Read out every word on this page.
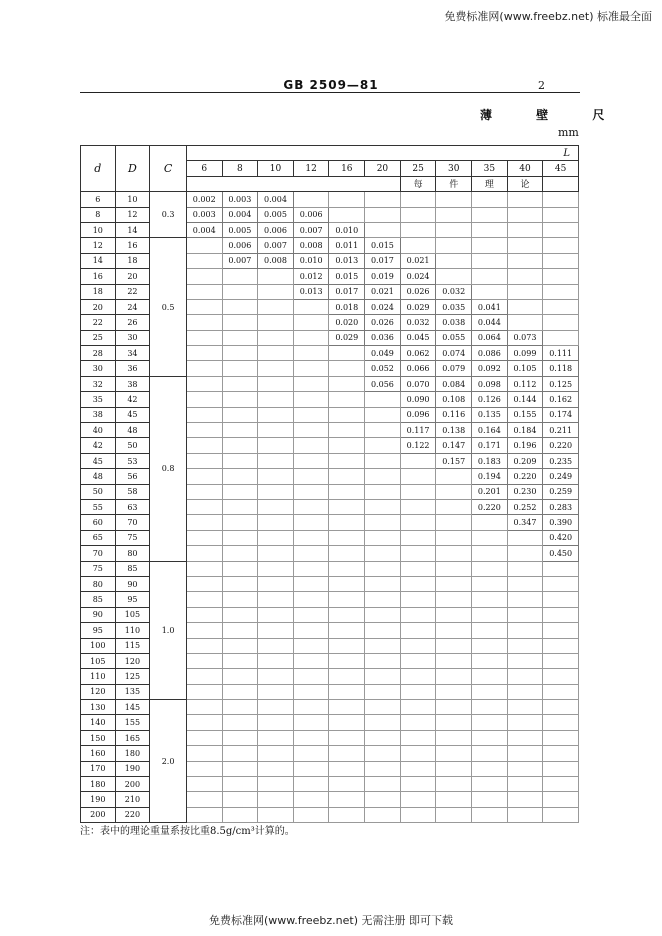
免费标准网(www.freebz.net) 标准最全面
GB 2509—81	2
薄 壁 尺
mm
d	D	C	L										
			6	8	10	12	16	20	25	30	35	40	45
									每	件	理	论	
6	10	0.3	0.002	0.003	0.004								
8	12		0.003	0.004	0.005	0.006							
10	14		0.004	0.005	0.006	0.007	0.010						
12	16	0.5		0.006	0.007	0.008	0.011	0.015					
14	18			0.007	0.008	0.010	0.013	0.017	0.021				
16	20					0.012	0.015	0.019	0.024				
18	22					0.013	0.017	0.021	0.026	0.032			
20	24						0.018	0.024	0.029	0.035	0.041		
22	26						0.020	0.026	0.032	0.038	0.044		
25	30						0.029	0.036	0.045	0.055	0.064	0.073	
28	34							0.049	0.062	0.074	0.086	0.099	0.111
30	36							0.052	0.066	0.079	0.092	0.105	0.118
32	38	0.8						0.056	0.070	0.084	0.098	0.112	0.125
35	42								0.090	0.108	0.126	0.144	0.162
38	45								0.096	0.116	0.135	0.155	0.174
40	48								0.117	0.138	0.164	0.184	0.211
42	50								0.122	0.147	0.171	0.196	0.220
45	53									0.157	0.183	0.209	0.235
48	56										0.194	0.220	0.249
50	58										0.201	0.230	0.259
55	63										0.220	0.252	0.283
60	70											0.347	0.390
65	75												0.420
70	80												0.450
75	85	1.0											
80	90												
85	95												
90	105												
95	110												
100	115												
105	120												
110	125												
120	135												
130	145	2.0											
140	155												
150	165												
160	180												
170	190												
180	200												
190	210												
200	220												
注：表中的理论重量系按比重8.5g/cm³计算的。
免费标准网(www.freebz.net) 无需注册 即可下载
